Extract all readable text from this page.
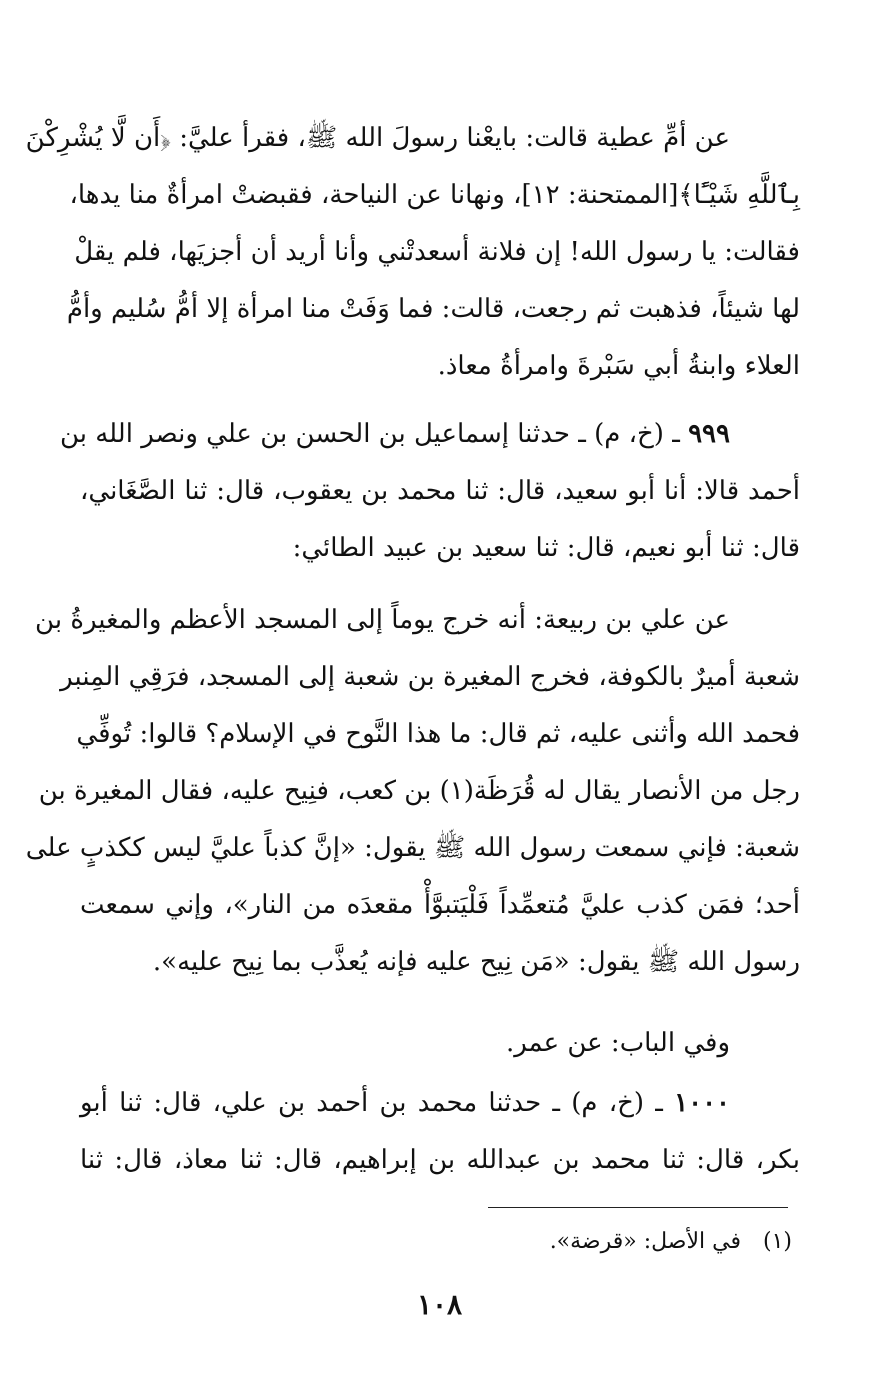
عن أمِّ عطية قالت: بايعْنا رسولَ الله ﷺ، فقرأ عليَّ: ﴿أَن لَّا يُشْرِكْنَ
بِٱللَّهِ شَيْـًٔا﴾[الممتحنة: ١٢]، ونهانا عن النياحة، فقبضتْ امرأةٌ منا يدها،
فقالت: يا رسول الله! إن فلانة أسعدتْني وأنا أريد أن أجزيَها، فلم يقلْ
لها شيئاً، فذهبت ثم رجعت، قالت: فما وَفَتْ منا امرأة إلا أمُّ سُليم وأمُّ
العلاء وابنةُ أبي سَبْرةَ وامرأةُ معاذ.
٩٩٩ ـ (خ، م) ـ حدثنا إسماعيل بن الحسن بن علي ونصر الله بن
أحمد قالا: أنا أبو سعيد، قال: ثنا محمد بن يعقوب، قال: ثنا الصَّغَاني،
قال: ثنا أبو نعيم، قال: ثنا سعيد بن عبيد الطائي:
عن علي بن ربيعة: أنه خرج يوماً إلى المسجد الأعظم والمغيرةُ بن
شعبة أميرٌ بالكوفة، فخرج المغيرة بن شعبة إلى المسجد، فرَقِي المِنبر
فحمد الله وأثنى عليه، ثم قال: ما هذا النَّوح في الإسلام؟ قالوا: تُوفِّي
رجل من الأنصار يقال له قُرَظَة(١) بن كعب، فنِيح عليه، فقال المغيرة بن
شعبة: فإني سمعت رسول الله ﷺ يقول: «إنَّ كذباً عليَّ ليس ككذبٍ على
أحد؛ فمَن كذب عليَّ مُتعمِّداً فَلْيَتبوَّأْ مقعدَه من النار»، وإني سمعت
رسول الله ﷺ يقول: «مَن نِيح عليه فإنه يُعذَّب بما نِيح عليه».
وفي الباب: عن عمر.
١٠٠٠ ـ (خ، م) ـ حدثنا محمد بن أحمد بن علي، قال: ثنا أبو
بكر، قال: ثنا محمد بن عبدالله بن إبراهيم، قال: ثنا معاذ، قال: ثنا
(١)في الأصل: «قرضة».
١٠٨
